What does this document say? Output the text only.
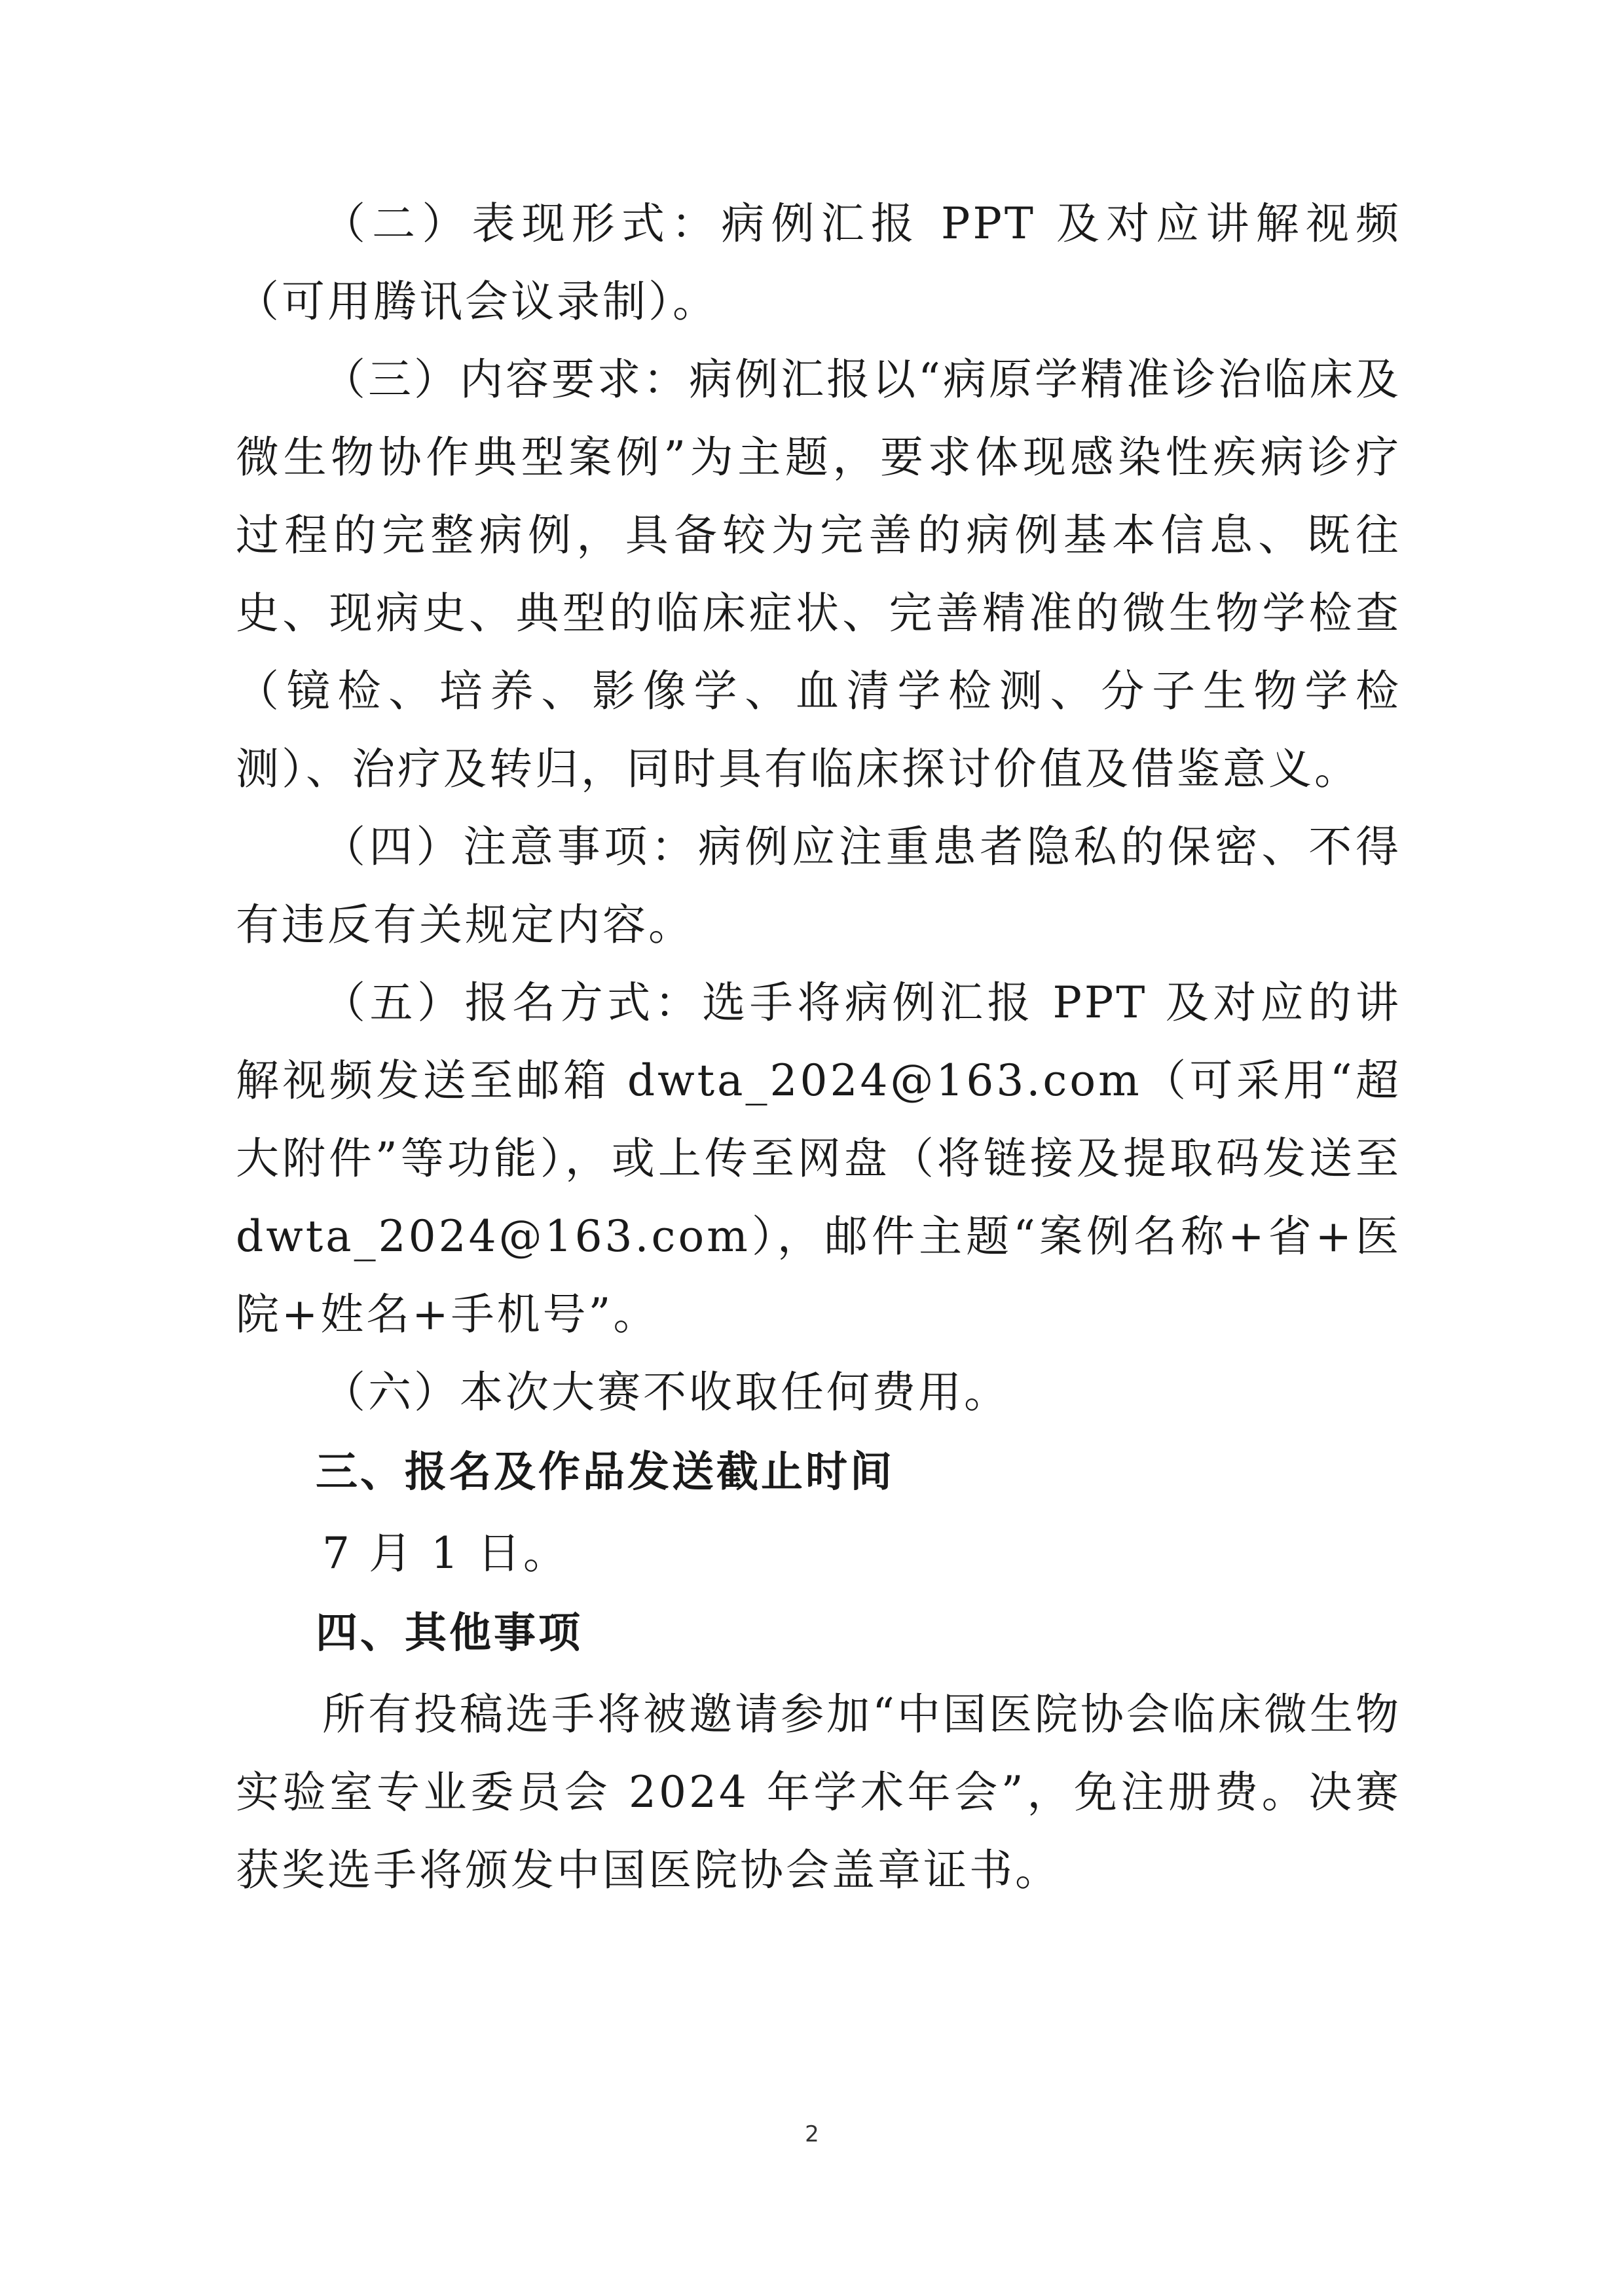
（二）表现形式：病例汇报 PPT 及对应讲解视频（可用腾讯会议录制）。

（三）内容要求：病例汇报以“病原学精准诊治临床及微生物协作典型案例”为主题，要求体现感染性疾病诊疗过程的完整病例，具备较为完善的病例基本信息、既往史、现病史、典型的临床症状、完善精准的微生物学检查（镜检、培养、影像学、血清学检测、分子生物学检测）、治疗及转归，同时具有临床探讨价值及借鉴意义。

（四）注意事项：病例应注重患者隐私的保密、不得有违反有关规定内容。

（五）报名方式：选手将病例汇报 PPT 及对应的讲解视频发送至邮箱 dwta_2024@163.com（可采用“超大附件”等功能），或上传至网盘（将链接及提取码发送至 dwta_2024@163.com），邮件主题“案例名称+省+医院+姓名+手机号”。

（六）本次大赛不收取任何费用。

三、报名及作品发送截止时间

7 月 1 日。

四、其他事项

所有投稿选手将被邀请参加“中国医院协会临床微生物实验室专业委员会 2024 年学术年会”，免注册费。决赛获奖选手将颁发中国医院协会盖章证书。

2
